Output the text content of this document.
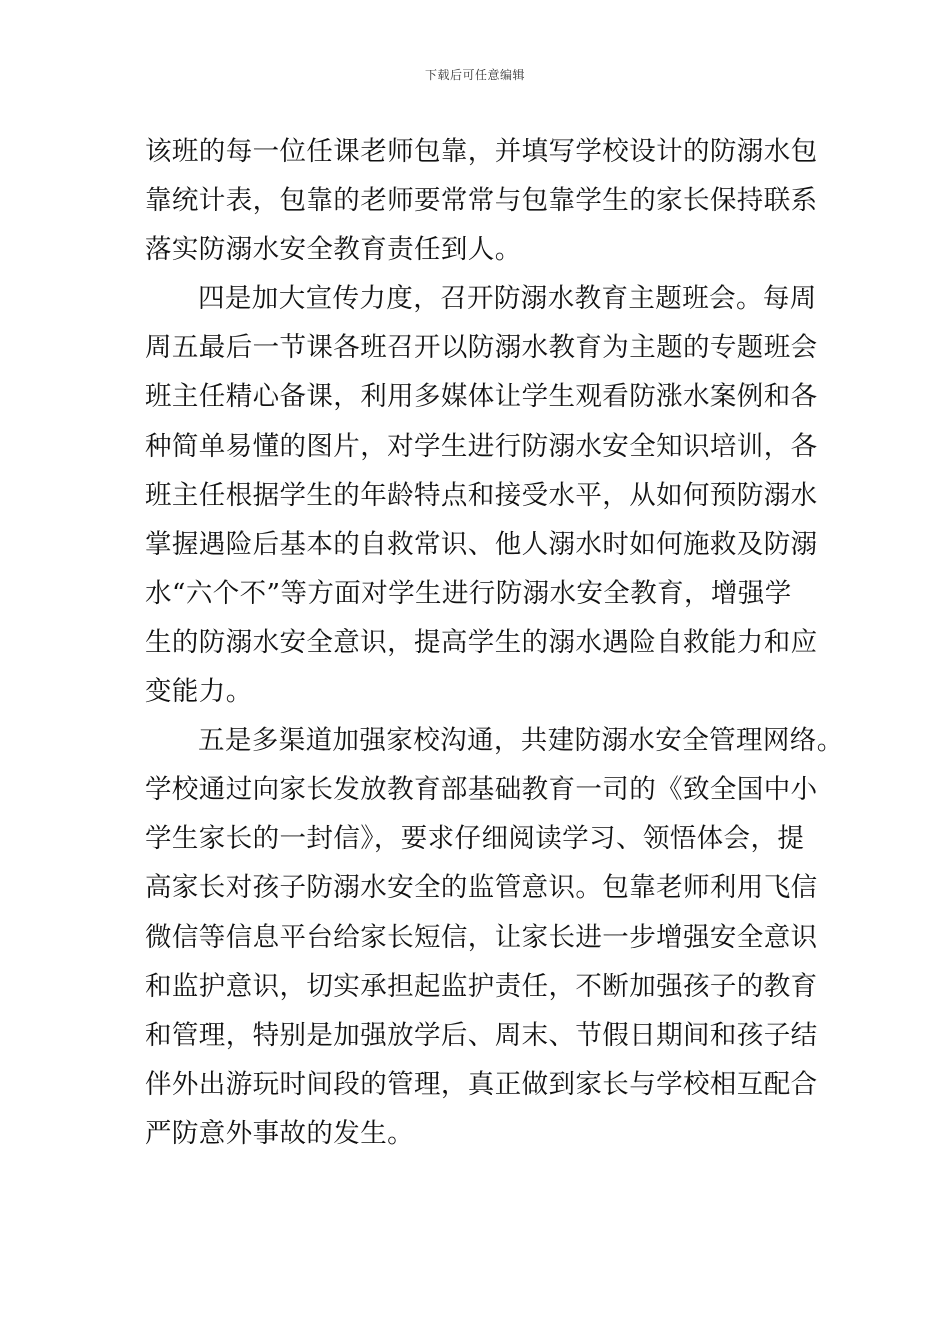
下载后可任意编辑
该班的每一位任课老师包靠，并填写学校设计的防溺水包
靠统计表，包靠的老师要常常与包靠学生的家长保持联系
落实防溺水安全教育责任到人。
四是加大宣传力度，召开防溺水教育主题班会。每周
周五最后一节课各班召开以防溺水教育为主题的专题班会
班主任精心备课，利用多媒体让学生观看防涨水案例和各
种简单易懂的图片，对学生进行防溺水安全知识培训，各
班主任根据学生的年龄特点和接受水平，从如何预防溺水
掌握遇险后基本的自救常识、他人溺水时如何施救及防溺
水“六个不”等方面对学生进行防溺水安全教育，增强学
生的防溺水安全意识，提高学生的溺水遇险自救能力和应
变能力。
五是多渠道加强家校沟通，共建防溺水安全管理网络。
学校通过向家长发放教育部基础教育一司的《致全国中小
学生家长的一封信》，要求仔细阅读学习、领悟体会，提
高家长对孩子防溺水安全的监管意识。包靠老师利用飞信
微信等信息平台给家长短信，让家长进一步增强安全意识
和监护意识，切实承担起监护责任，不断加强孩子的教育
和管理，特别是加强放学后、周末、节假日期间和孩子结
伴外出游玩时间段的管理，真正做到家长与学校相互配合
严防意外事故的发生。
